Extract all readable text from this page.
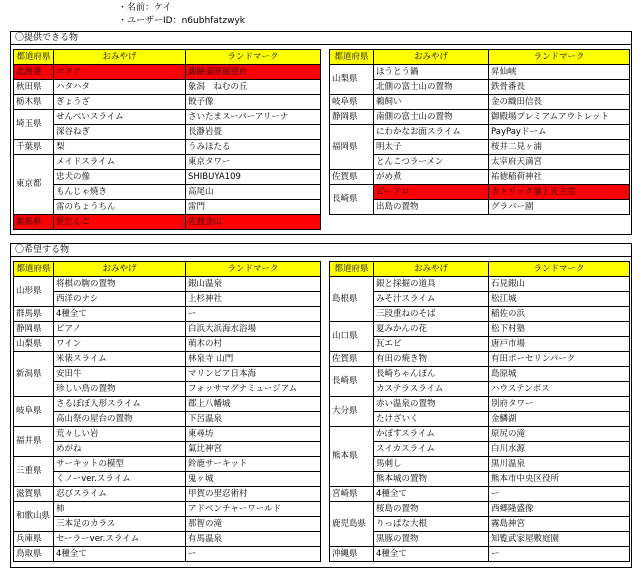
・名前：ケイ
・ユーザーID：n6ubhfatzwyk
〇提供できる物
都道府県	おみやげ	ランドマーク
北海道	ホタテ	釧路湿原展望台
秋田県	ハタハタ	象潟　ねむの丘
栃木県	ぎょうざ	餃子像
埼玉県	せんべいスライム	さいたまスーパーアリーナ
	深谷ねぎ	長瀞岩畳
千葉県	梨	うみほたる
東京都	メイドスライム	東京タワー
	忠犬の像	SHIBUYA109
	もんじゃ焼き	高尾山
	雷のちょうちん	雷門
新潟県	笹だんご	佐渡金山
都道府県	おみやげ	ランドマーク
山梨県	ほうとう鍋	昇仙峡
	北側の富士山の置物	鉄骨番長
岐阜県	鵜飼い	金の織田信長
静岡県	南側の富士山の置物	御殿場プレミアムアウトレット
福岡県	にわかなお面スライム	PayPayドーム
	明太子	桜井二見ヶ浦
	とんこつラーメン	太宰府天満宮
佐賀県	がめ煮	祐徳稲荷神社
長崎県	ビードロ	カトリック浦上天主堂
	出島の置物	グラバー園
〇希望する物
都道府県	おみやげ	ランドマーク
山形県	将棋の駒の置物	銀山温泉
	西洋のナシ	上杉神社
群馬県	4種全て	ー
静岡県	ピアノ	白浜大浜海水浴場
山梨県	ワイン	萌木の村
新潟県	米俵スライム	林泉寺 山門
	安田牛	マリンピア日本海
	珍しい鳥の置物	フォッサマグナミュージアム
岐阜県	さるぼぼ人形スライム	郡上八幡城
	高山祭の屋台の置物	下呂温泉
福井県	荒々しい岩	東尋坊
	めがね	氣比神宮
三重県	サーキットの模型	鈴鹿サーキット
	くノーver.スライム	鬼ヶ城
滋賀県	忍びスライム	甲賀の里忍術村
和歌山県	柿	アドベンチャーワールド
	三本足のカラス	那智の滝
兵庫県	セーラーver.スライム	有馬温泉
鳥取県	4種全て	ー
都道府県	おみやげ	ランドマーク
島根県	銀と採掘の道具	石見銀山
	みそ汁スライム	松江城
	三段重ねのそば	稲佐の浜
山口県	夏みかんの花	松下村塾
	瓦エビ	唐戸市場
佐賀県	有田の焼き物	有田ポーセリンパーク
長崎県	長崎ちゃんぽん	島原城
	カステラスライム	ハウステンボス
大分県	赤い温泉の置物	別府タワー
	たけざいく	金鱗湖
熊本県	かぼすスライム	原尻の滝
	スイカスライム	白川水源
	馬刺し	黒川温泉
	熊本城の置物	熊本市中央区役所
宮崎県	4種全て	ー
鹿児島県	桜島の置物	西郷隆盛像
	りっぱな大根	霧島神宮
	黒豚の置物	知覧武家屋敷庭園
沖縄県	4種全て	ー
